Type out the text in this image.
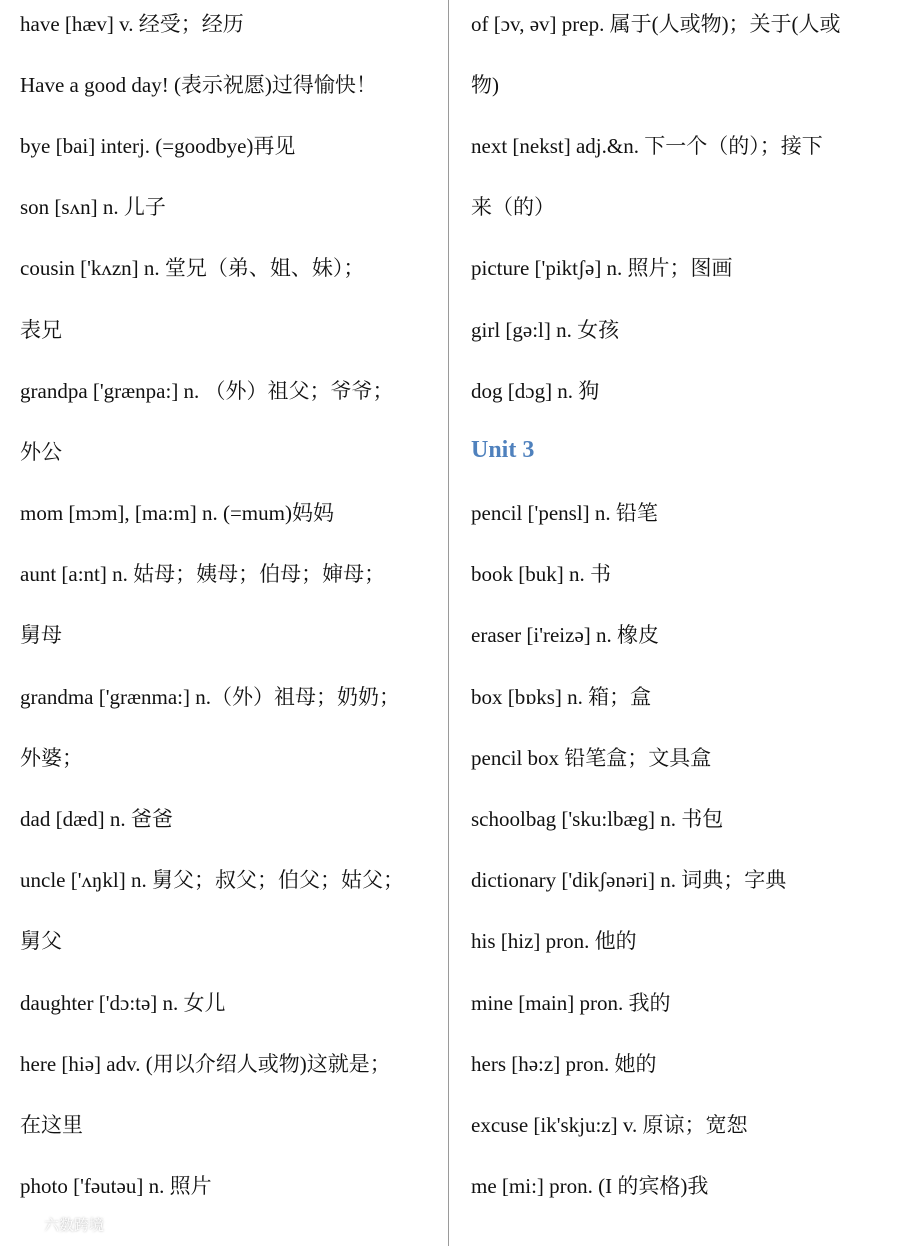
have [hæv] v. 经受；经历
Have a good day! (表示祝愿)过得愉快！
bye [bai] interj. (=goodbye)再见
son [sʌn] n. 儿子
cousin ['kʌzn] n. 堂兄（弟、姐、妹）；
表兄
grandpa ['grænpa:] n. （外）祖父；爷爷；
外公
mom [mɔm], [ma:m] n. (=mum)妈妈
aunt [a:nt] n. 姑母；姨母；伯母；婶母；
舅母
grandma ['grænma:] n.（外）祖母；奶奶；
外婆；
dad [dæd] n. 爸爸
uncle ['ʌŋkl] n. 舅父；叔父；伯父；姑父；
舅父
daughter ['dɔ:tə] n. 女儿
here [hiə] adv. (用以介绍人或物)这就是；
在这里
photo ['fəutəu] n. 照片
of [ɔv, əv] prep. 属于(人或物)；关于(人或
物)
next [nekst] adj.&n. 下一个（的）；接下
来（的）
picture ['piktʃə] n. 照片；图画
girl [gə:l] n. 女孩
dog [dɔg] n. 狗
Unit 3
pencil ['pensl] n. 铅笔
book [buk] n. 书
eraser [i'reizə] n. 橡皮
box [bɒks] n. 箱；盒
pencil box 铅笔盒；文具盒
schoolbag ['sku:lbæg] n. 书包
dictionary ['dikʃənəri] n. 词典；字典
his [hiz] pron. 他的
mine [main] pron. 我的
hers [hə:z] pron. 她的
excuse [ik'skju:z] v. 原谅；宽恕
me [mi:] pron. (I 的宾格)我
六数跨境
